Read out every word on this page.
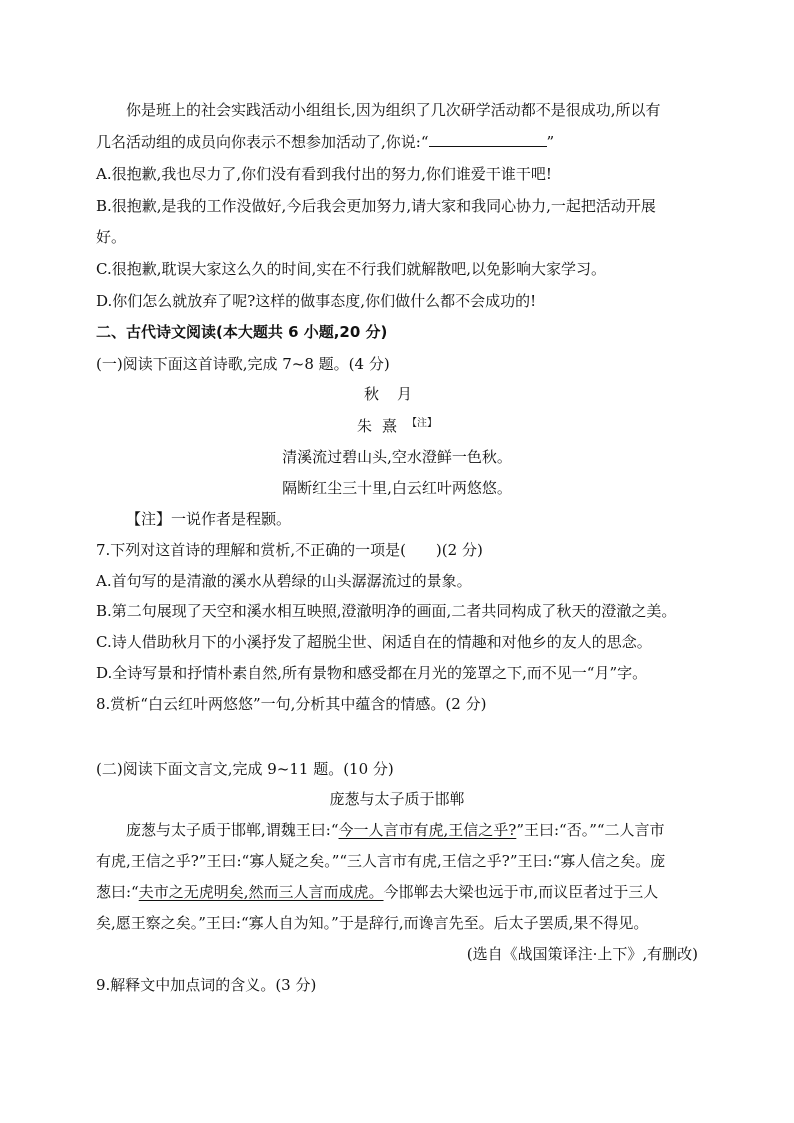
你是班上的社会实践活动小组组长,因为组织了几次研学活动都不是很成功,所以有
几名活动组的成员向你表示不想参加活动了,你说:“	”
A.很抱歉,我也尽力了,你们没有看到我付出的努力,你们谁爱干谁干吧!
B.很抱歉,是我的工作没做好,今后我会更加努力,请大家和我同心协力,一起把活动开展
好。
C.很抱歉,耽误大家这么久的时间,实在不行我们就解散吧,以免影响大家学习。
D.你们怎么就放弃了呢?这样的做事态度,你们做什么都不会成功的!
二、古代诗文阅读(本大题共 6 小题,20 分)
(一)阅读下面这首诗歌,完成 7~8 题。(4 分)
秋月
朱熹$^{【注】}$
清溪流过碧山头,空水澄鲜一色秋。
隔断红尘三十里,白云红叶两悠悠。
【注】一说作者是程颢。
7.下列对这首诗的理解和赏析,不正确的一项是(　　)(2 分)
A.首句写的是清澈的溪水从碧绿的山头潺潺流过的景象。
B.第二句展现了天空和溪水相互映照,澄澈明净的画面,二者共同构成了秋天的澄澈之美。
C.诗人借助秋月下的小溪抒发了超脱尘世、闲适自在的情趣和对他乡的友人的思念。
D.全诗写景和抒情朴素自然,所有景物和感受都在月光的笼罩之下,而不见一“月”字。
8.赏析“白云红叶两悠悠”一句,分析其中蕴含的情感。(2 分)
(二)阅读下面文言文,完成 9~11 题。(10 分)
庞葱与太子质于邯郸
庞葱与太子质于邯郸,谓魏王曰:“今一人言市有虎,王信之乎?”王曰:“否。”“二人言市
有虎,王信之乎?”王曰:“寡人疑之矣。”“三人言市有虎,王信之乎?”王曰:“寡人信之矣。庞
葱曰:“夫市之无虎明矣,然而三人言而成虎。今邯郸去大梁也远于市,而议臣者过于三人
矣,愿王察之矣。”王曰:“寡人自为知。”于是辞行,而谗言先至。后太子罢质,果不得见。
(选自《战国策译注·上下》,有删改)
9.解释文中加点词的含义。(3 分)
